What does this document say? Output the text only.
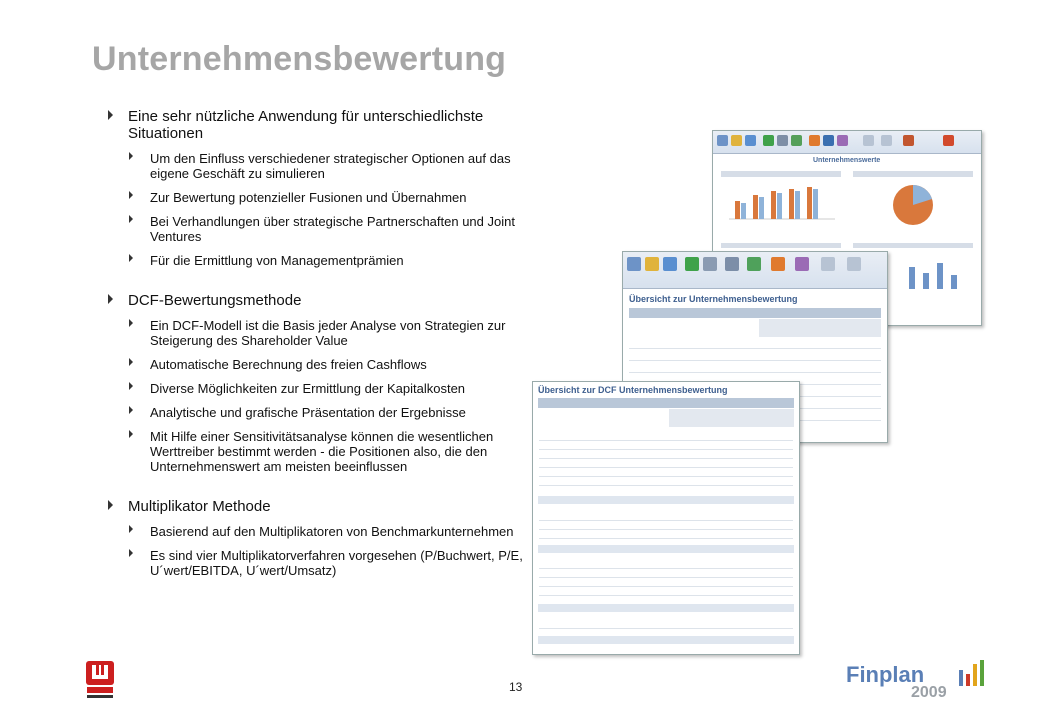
Unternehmensbewertung
Eine sehr nützliche Anwendung für unterschiedlichste Situationen
Um den Einfluss verschiedener strategischer Optionen auf das eigene Geschäft zu simulieren
Zur Bewertung potenzieller Fusionen und Übernahmen
Bei Verhandlungen über strategische Partnerschaften und Joint Ventures
Für die Ermittlung von Managementprämien
DCF-Bewertungsmethode
Ein DCF-Modell ist die Basis jeder Analyse von Strategien zur Steigerung des Shareholder Value
Automatische Berechnung des freien Cashflows
Diverse Möglichkeiten zur Ermittlung der Kapitalkosten
Analytische und grafische Präsentation der Ergebnisse
Mit Hilfe einer Sensitivitätsanalyse können die wesentlichen Werttreiber bestimmt werden - die Positionen also, die den Unternehmenswert am meisten beeinflussen
Multiplikator Methode
Basierend auf den Multiplikatoren von Benchmarkunternehmen
Es sind vier Multiplikatorverfahren vorgesehen (P/Buchwert, P/E, U´wert/EBITDA, U´wert/Umsatz)
Unternehmenswerte
Übersicht zur Unternehmensbewertung
Übersicht zur DCF Unternehmensbewertung
13	Finplan
2009
